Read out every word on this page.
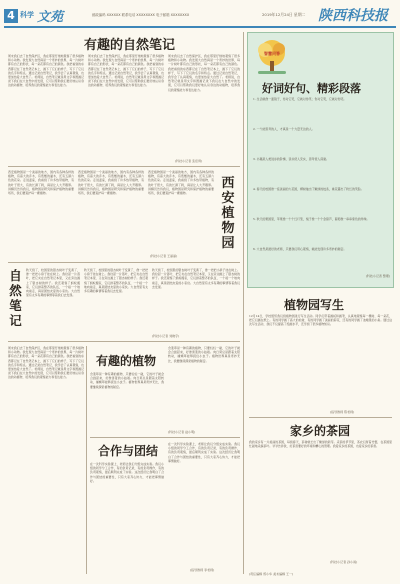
4 科学 文苑	邮政编码 XXXXXX 联系电话 XXXXXXXX 电子邮箱 XXXXXXXX	2019年12月24日 星期二 陕西科技报
有趣的自然笔记
周末我们去了自然保护区，我在那里仔细地观察了很多植物和小动物。我发现大自然真是一个奇妙的世界，每一片树叶都有自己的形状，每一朵花都有自己的颜色。我把看到的东西都记在了自然笔记本上，画下了它们的样子，写下了它们的名字和特点。通过记录自然笔记，我学会了认真观察，也更加热爱大自然了。老师说，自然笔记就是用文字和图画记录下我们在大自然中的发现，它可以帮助我们更好地认识身边的动植物，培养我们的观察能力和表达能力。
周末我们去了自然保护区，我在那里仔细地观察了很多植物和小动物。我发现大自然真是一个奇妙的世界，每一片树叶都有自己的形状，每一朵花都有自己的颜色。我把看到的东西都记在了自然笔记本上，画下了它们的样子，写下了它们的名字和特点。通过记录自然笔记，我学会了认真观察，也更加热爱大自然了。老师说，自然笔记就是用文字和图画记录下我们在大自然中的发现，它可以帮助我们更好地认识身边的动植物，培养我们的观察能力和表达能力。
周末我们去了自然保护区，我在那里仔细地观察了很多植物和小动物。我发现大自然真是一个奇妙的世界，每一片树叶都有自己的形状，每一朵花都有自己的颜色。我把看到的东西都记在了自然笔记本上，画下了它们的样子，写下了它们的名字和特点。通过记录自然笔记，我学会了认真观察，也更加热爱大自然了。老师说，自然笔记就是用文字和图画记录下我们在大自然中的发现，它可以帮助我们更好地认识身边的动植物，培养我们的观察能力和表达能力。
(科技小记者 张佳琦)
西安植物园是一个美丽的地方，园内有各种各样的植物，有高大的乔木，有低矮的灌木，还有五颜六色的花朵。走进温室，我看到了许多热带植物，有的叶子很大，有的长满了刺，真是让人大开眼界。讲解员告诉我们，植物园是研究和保护植物的重要场所，我们要爱护每一棵植物。
西安植物园是一个美丽的地方，园内有各种各样的植物，有高大的乔木，有低矮的灌木，还有五颜六色的花朵。走进温室，我看到了许多热带植物，有的叶子很大，有的长满了刺，真是让人大开眼界。讲解员告诉我们，植物园是研究和保护植物的重要场所，我们要爱护每一棵植物。
西安植物园是一个美丽的地方，园内有各种各样的植物，有高大的乔木，有低矮的灌木，还有五颜六色的花朵。走进温室，我看到了许多热带植物，有的叶子很大，有的长满了刺，真是让人大开眼界。讲解员告诉我们，植物园是研究和保护植物的重要场所，我们要爱护每一棵植物。
西安植物园
(科技小记者 王丽丽)
自然笔记
秋天到了，校园里的银杏树叶子变黄了，像一把把小扇子挂在树上。我捡起一片落叶，把它夹在自然笔记本里，又在旁边画上了银杏树的样子。我还观察了蚂蚁搬家，它们排着整齐的队伍，一个接一个地向前走，真是团结友爱的小家伙。大自然里有太多有趣的事情等着我们去发现。
秋天到了，校园里的银杏树叶子变黄了，像一把把小扇子挂在树上。我捡起一片落叶，把它夹在自然笔记本里，又在旁边画上了银杏树的样子。我还观察了蚂蚁搬家，它们排着整齐的队伍，一个接一个地向前走，真是团结友爱的小家伙。大自然里有太多有趣的事情等着我们去发现。
秋天到了，校园里的银杏树叶子变黄了，像一把把小扇子挂在树上。我捡起一片落叶，把它夹在自然笔记本里，又在旁边画上了银杏树的样子。我还观察了蚂蚁搬家，它们排着整齐的队伍，一个接一个地向前走，真是团结友爱的小家伙。大自然里有太多有趣的事情等着我们去发现。
(科技小记者 刘晓宇)
周末我们去了自然保护区，我在那里仔细地观察了很多植物和小动物。我发现大自然真是一个奇妙的世界，每一片树叶都有自己的形状，每一朵花都有自己的颜色。我把看到的东西都记在了自然笔记本上，画下了它们的样子，写下了它们的名字和特点。通过记录自然笔记，我学会了认真观察，也更加热爱大自然了。老师说，自然笔记就是用文字和图画记录下我们在大自然中的发现，它可以帮助我们更好地认识身边的动植物，培养我们的观察能力和表达能力。
有趣的植物
含羞草是一种有趣的植物，只要轻轻一碰，它的叶子就会合拢起来，好像害羞的小姑娘。向日葵总是跟着太阳转动，捕蝇草能够捉住小虫子。植物世界真是奇妙无比，我要继续探索植物的秘密。
含羞草是一种有趣的植物，只要轻轻一碰，它的叶子就会合拢起来，好像害羞的小姑娘。向日葵总是跟着太阳转动，捕蝇草能够捉住小虫子。植物世界真是奇妙无比，我要继续探索植物的秘密。
(科技小记者 赵小明)
合作与团结
在一次科学实验课上，老师让我们分组完成实验。我们小组的同学分工合作，有的负责记录，有的负责操作，有的负责观察，最后顺利完成了实验。这次经历让我明白了合作与团结的重要性，只有大家齐心协力，才能把事情做好。
在一次科学实验课上，老师让我们分组完成实验。我们小组的同学分工合作，有的负责记录，有的负责操作，有的负责观察，最后顺利完成了实验。这次经历让我明白了合作与团结的重要性，只有大家齐心协力，才能把事情做好。
(指导教师 李老师)
智慧问答
好词好句、精彩段落
1. 生活就像一面镜子，你对它笑，它就对你笑；你对它哭，它就对你哭。
2. 一个能思考的人，才真是一个力量无边的人。
3. 书籍是人类进步的阶梯，读书使人充实，思考使人深邃。
4. 春天的校园像一座美丽的大花园，柳树抽出了嫩绿的枝条，桃花露出了粉红的笑脸。
5. 秋天的果园里，苹果像一个个红灯笼，梨子像一个个金葫芦，葡萄像一串串紫色的珍珠。
6. 大自然是最好的老师，只要我们用心观察，就能发现许多奇妙的秘密。
(科技小记者 整理)
植物园写生
12月14日，学校组织我们到植物园进行写生活动。同学们带着画板和画笔，认真地观察每一棵树、每一朵花，把它们画在纸上。有的同学画了高大的松树，有的同学画了美丽的菊花，还有的同学画了池塘里的小鱼。通过这次写生活动，我们不仅提高了绘画水平，还学到了很多植物知识。
(指导教师 陈老师)
家乡的茶园
我的家乡有一片美丽的茶园，每到春天，茶树就长出了嫩绿的新芽。采茶的季节里，茶农们背着竹篓，在茶园里忙碌地采摘茶叶。爷爷告诉我，好茶需要好的环境和精心的管理。我爱家乡的茶园，也爱家乡的茶香。
(科技小记者 孙小雨)
(责任编辑 郑小华 美术编辑 王一)
